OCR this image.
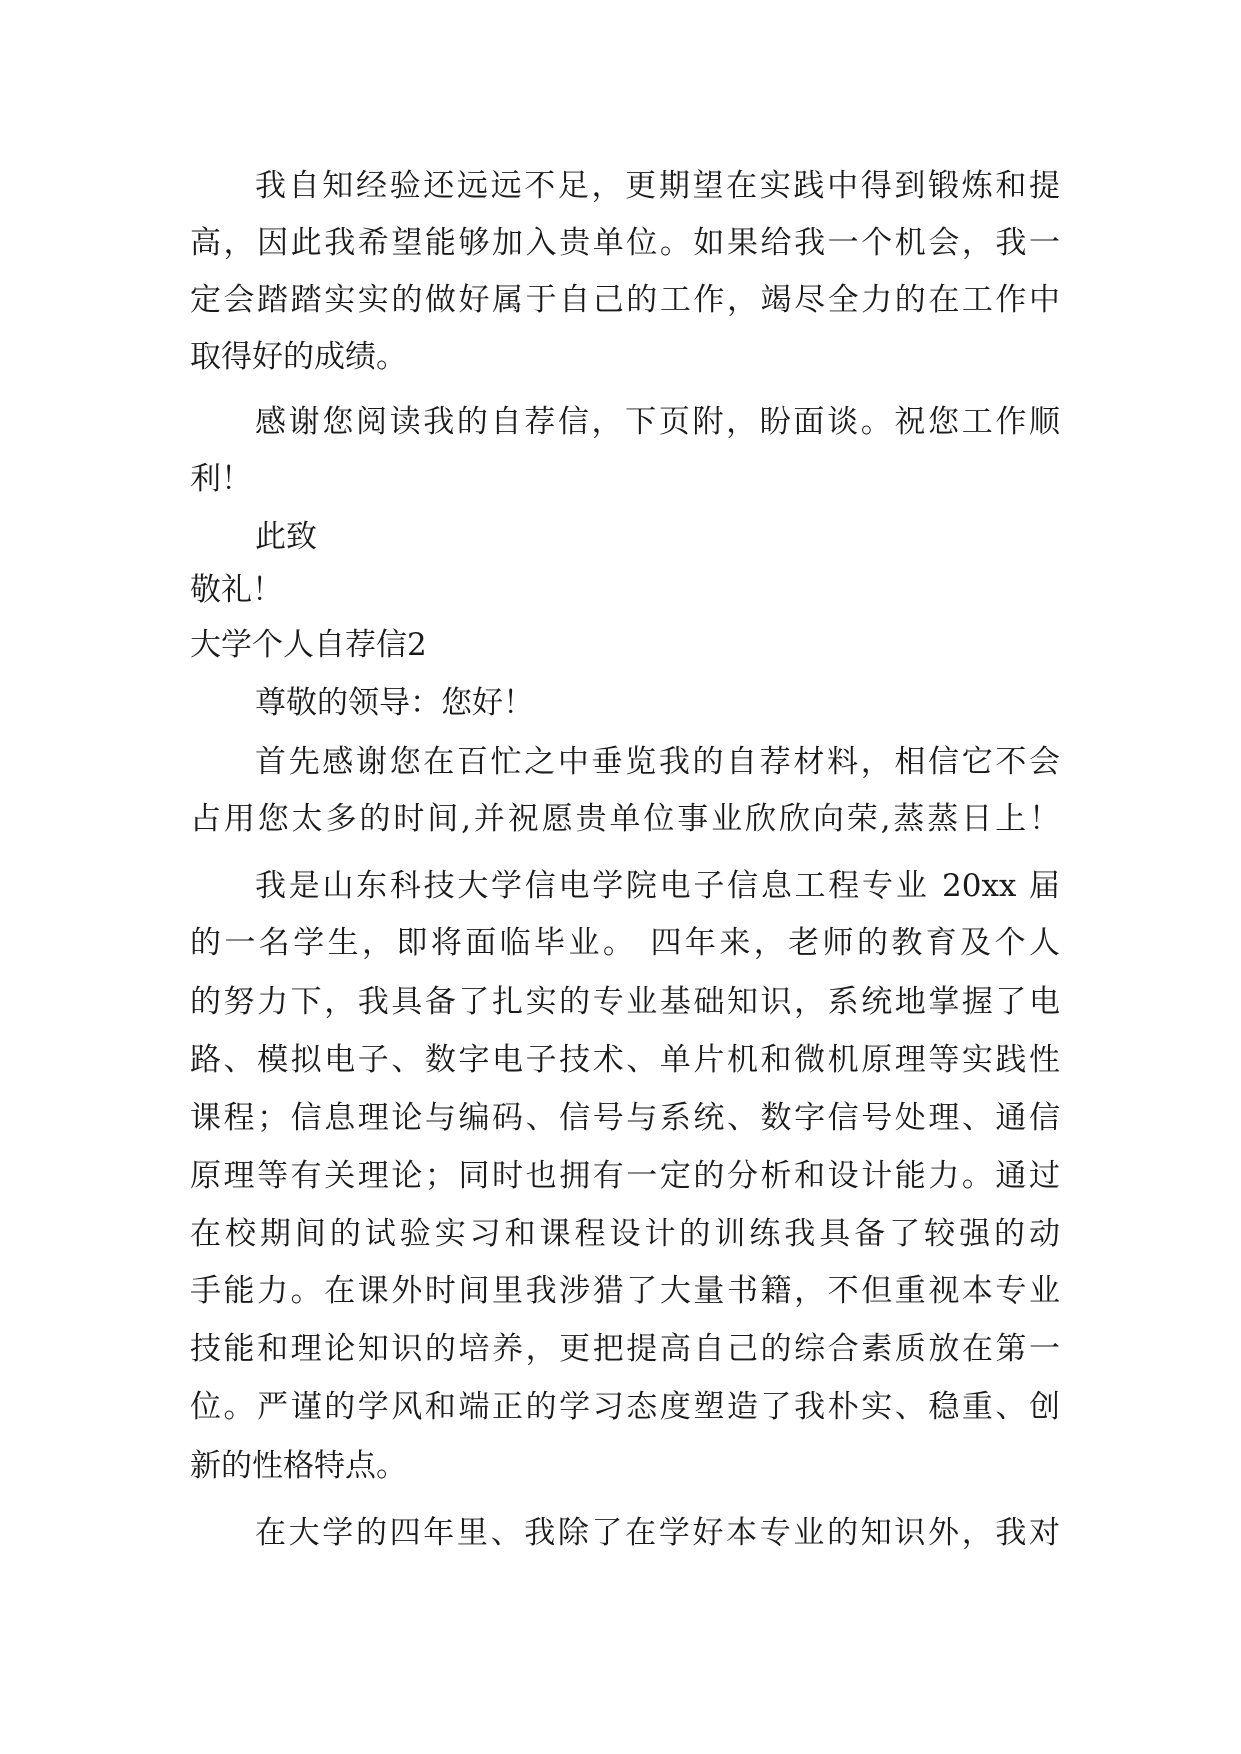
我自知经验还远远不足，更期望在实践中得到锻炼和提
高，因此我希望能够加入贵单位。如果给我一个机会，我一
定会踏踏实实的做好属于自己的工作，竭尽全力的在工作中
取得好的成绩。
感谢您阅读我的自荐信，下页附，盼面谈。祝您工作顺
利！
此致
敬礼！
大学个人自荐信2
尊敬的领导：您好！
首先感谢您在百忙之中垂览我的自荐材料，相信它不会
占用您太多的时间,并祝愿贵单位事业欣欣向荣,蒸蒸日上！
我是山东科技大学信电学院电子信息工程专业 20xx 届
的一名学生，即将面临毕业。 四年来，老师的教育及个人
的努力下，我具备了扎实的专业基础知识，系统地掌握了电
路、模拟电子、数字电子技术、单片机和微机原理等实践性
课程；信息理论与编码、信号与系统、数字信号处理、通信
原理等有关理论；同时也拥有一定的分析和设计能力。通过
在校期间的试验实习和课程设计的训练我具备了较强的动
手能力。在课外时间里我涉猎了大量书籍，不但重视本专业
技能和理论知识的培养，更把提高自己的综合素质放在第一
位。严谨的学风和端正的学习态度塑造了我朴实、稳重、创
新的性格特点。
在大学的四年里、我除了在学好本专业的知识外，我对
